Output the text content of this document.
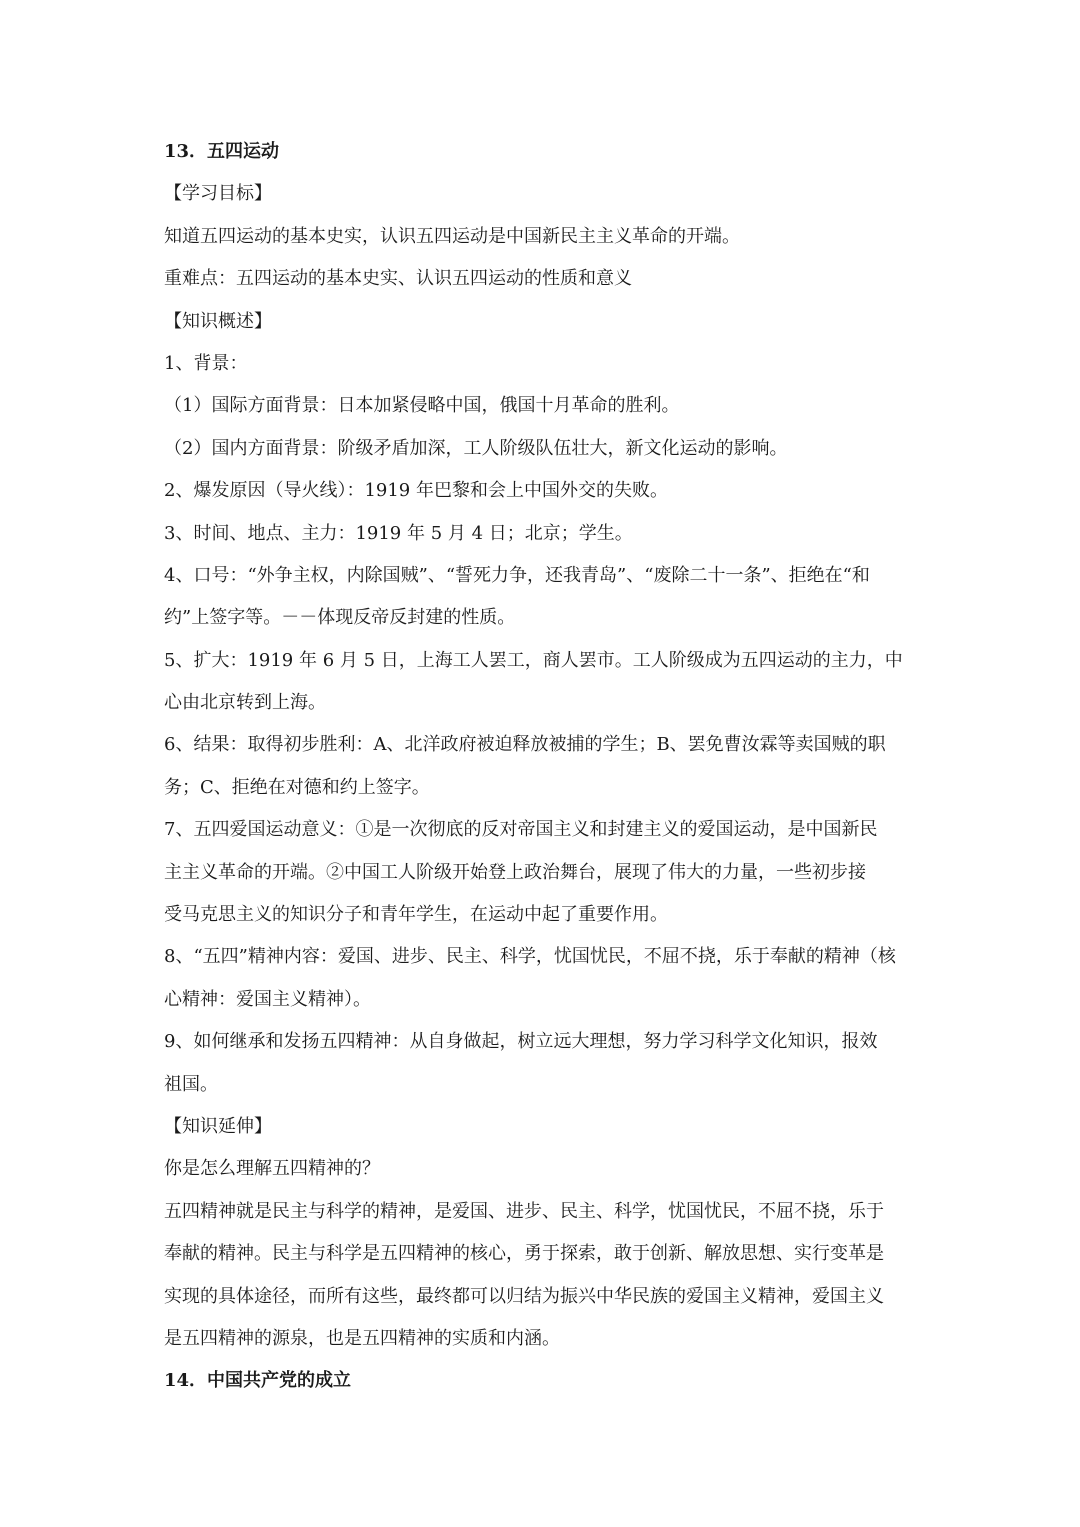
13．五四运动
【学习目标】
知道五四运动的基本史实，认识五四运动是中国新民主主义革命的开端。
重难点：五四运动的基本史实、认识五四运动的性质和意义
【知识概述】
1、背景：
（1）国际方面背景：日本加紧侵略中国，俄国十月革命的胜利。
（2）国内方面背景：阶级矛盾加深，工人阶级队伍壮大，新文化运动的影响。
2、爆发原因（导火线）：1919 年巴黎和会上中国外交的失败。
3、时间、地点、主力：1919 年 5 月 4 日；北京；学生。
4、口号：“外争主权，内除国贼”、“誓死力争，还我青岛”、“废除二十一条”、拒绝在“和
约”上签字等。－－体现反帝反封建的性质。
5、扩大：1919 年 6 月 5 日，上海工人罢工，商人罢市。工人阶级成为五四运动的主力，中
心由北京转到上海。
6、结果：取得初步胜利：A、北洋政府被迫释放被捕的学生；B、罢免曹汝霖等卖国贼的职
务；C、拒绝在对德和约上签字。
7、五四爱国运动意义：①是一次彻底的反对帝国主义和封建主义的爱国运动，是中国新民
主主义革命的开端。②中国工人阶级开始登上政治舞台，展现了伟大的力量，一些初步接
受马克思主义的知识分子和青年学生，在运动中起了重要作用。
8、“五四”精神内容：爱国、进步、民主、科学，忧国忧民，不屈不挠，乐于奉献的精神（核
心精神：爱国主义精神）。
9、如何继承和发扬五四精神：从自身做起，树立远大理想，努力学习科学文化知识，报效
祖国。
【知识延伸】
你是怎么理解五四精神的？
五四精神就是民主与科学的精神，是爱国、进步、民主、科学，忧国忧民，不屈不挠，乐于
奉献的精神。民主与科学是五四精神的核心，勇于探索，敢于创新、解放思想、实行变革是
实现的具体途径，而所有这些，最终都可以归结为振兴中华民族的爱国主义精神，爱国主义
是五四精神的源泉，也是五四精神的实质和内涵。
14．中国共产党的成立
